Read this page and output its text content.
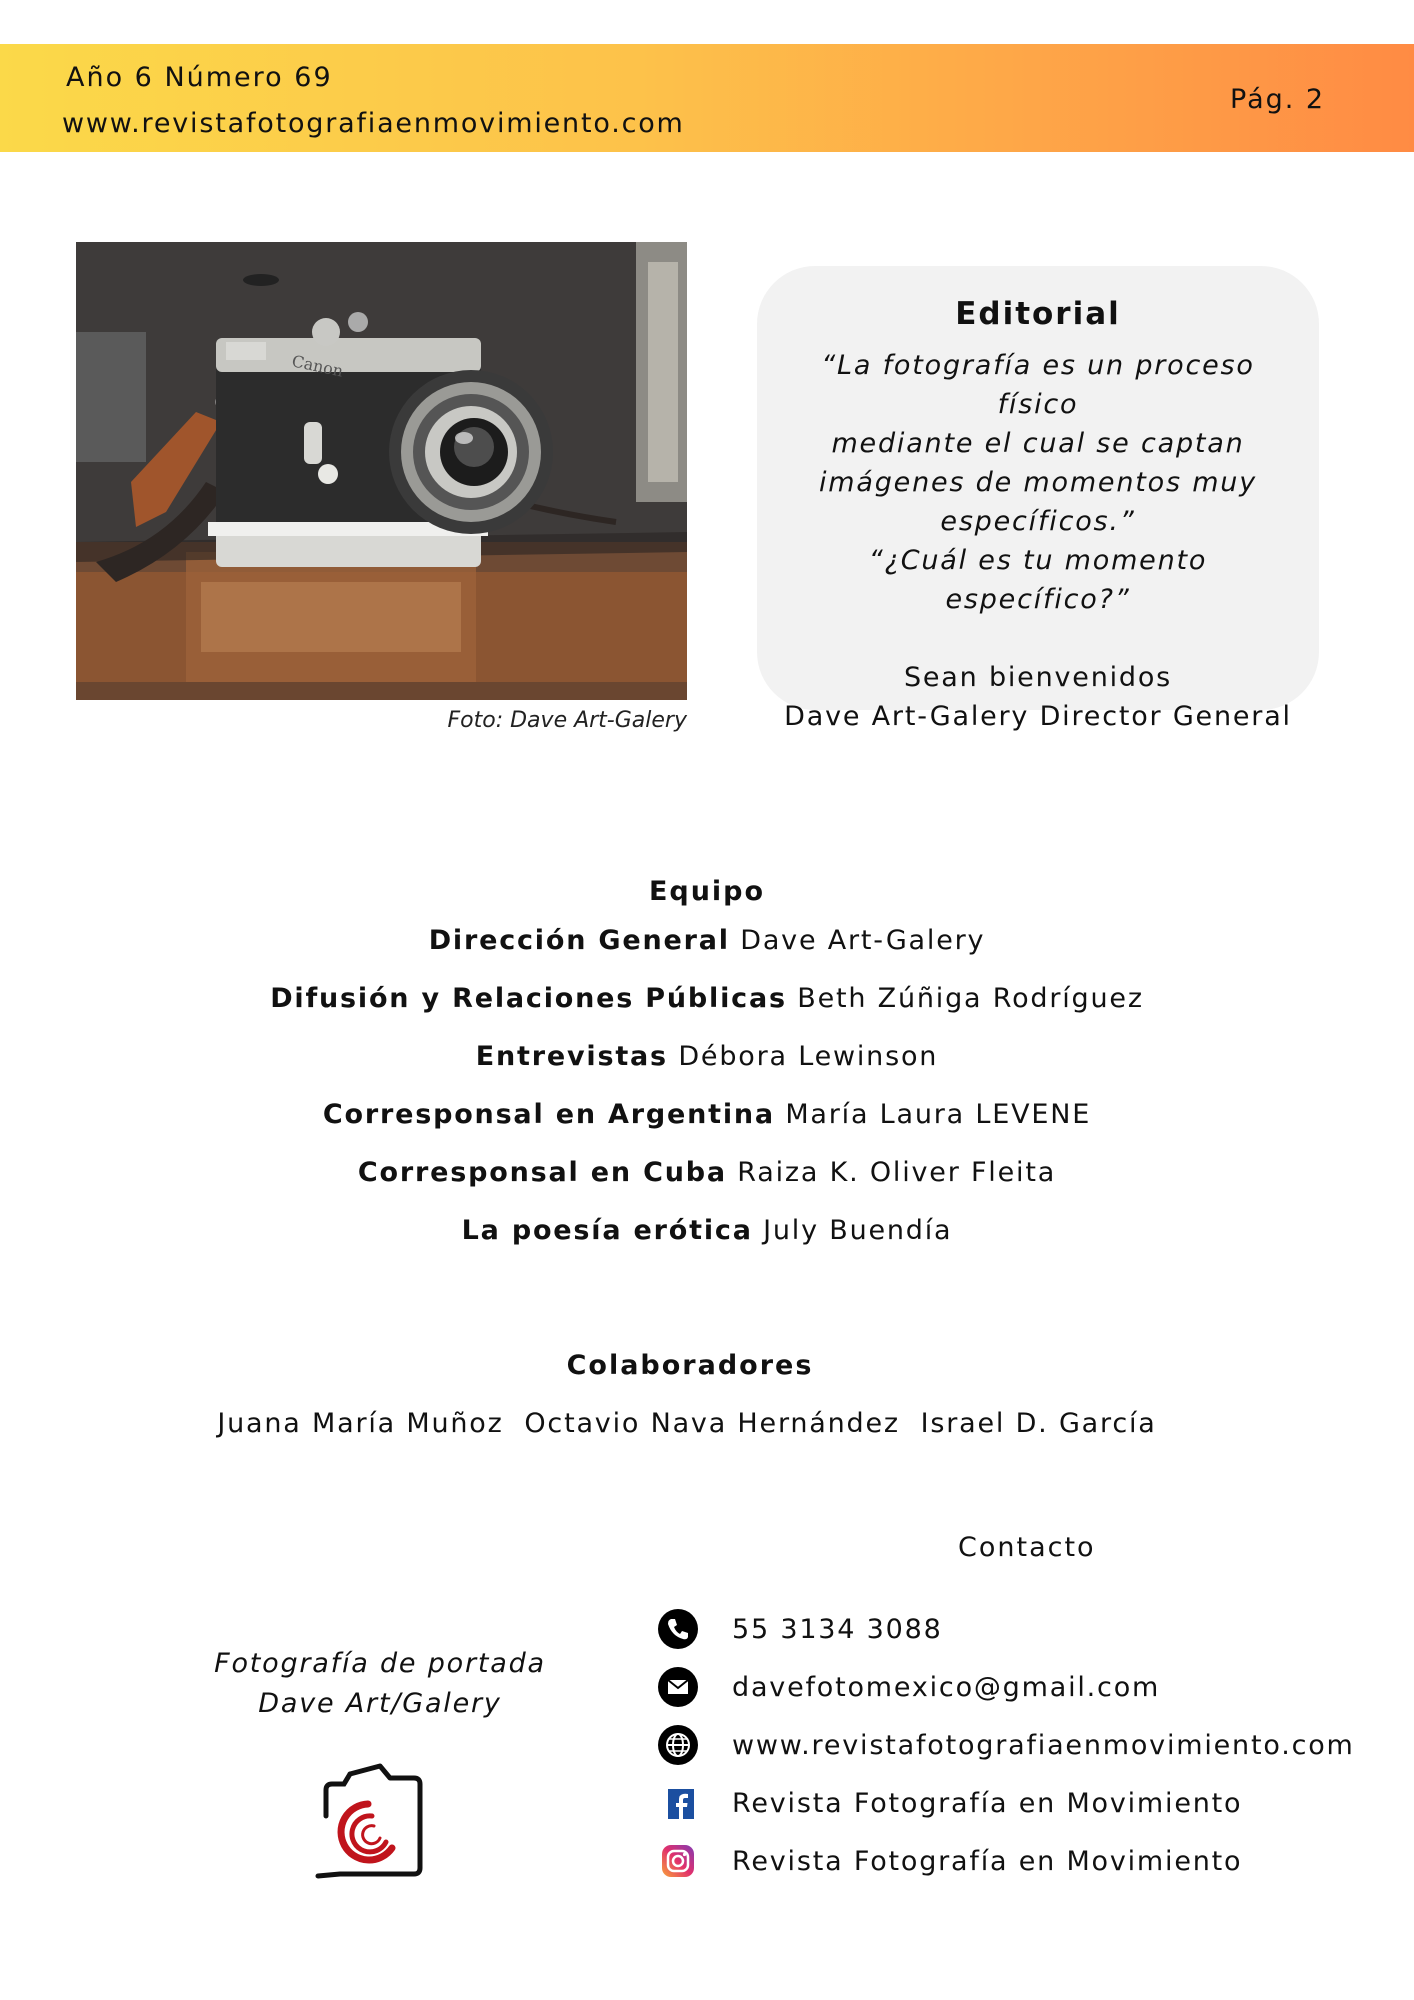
Año 6 Número 69
www.revistafotografiaenmovimiento.com
Pág. 2
Canon
Foto: Dave Art-Galery
Editorial
“La fotografía es un proceso físico
mediante el cual se captan
imágenes de momentos muy
específicos.”
“¿Cuál es tu momento específico?”
Sean bienvenidos
Dave Art-Galery Director General
Equipo
Dirección General Dave Art-Galery
Difusión y Relaciones Públicas Beth Zúñiga Rodríguez
Entrevistas Débora Lewinson
Corresponsal en Argentina María Laura LEVENE
Corresponsal en Cuba Raiza K. Oliver Fleita
La poesía erótica July Buendía
Colaboradores
Juana María Muñoz  Octavio Nava Hernández  Israel D. García
Contacto
55 3134 3088
davefotomexico@gmail.com
www.revistafotografiaenmovimiento.com
Revista Fotografía en Movimiento
Revista Fotografía en Movimiento
Fotografía de portada
Dave Art/Galery
